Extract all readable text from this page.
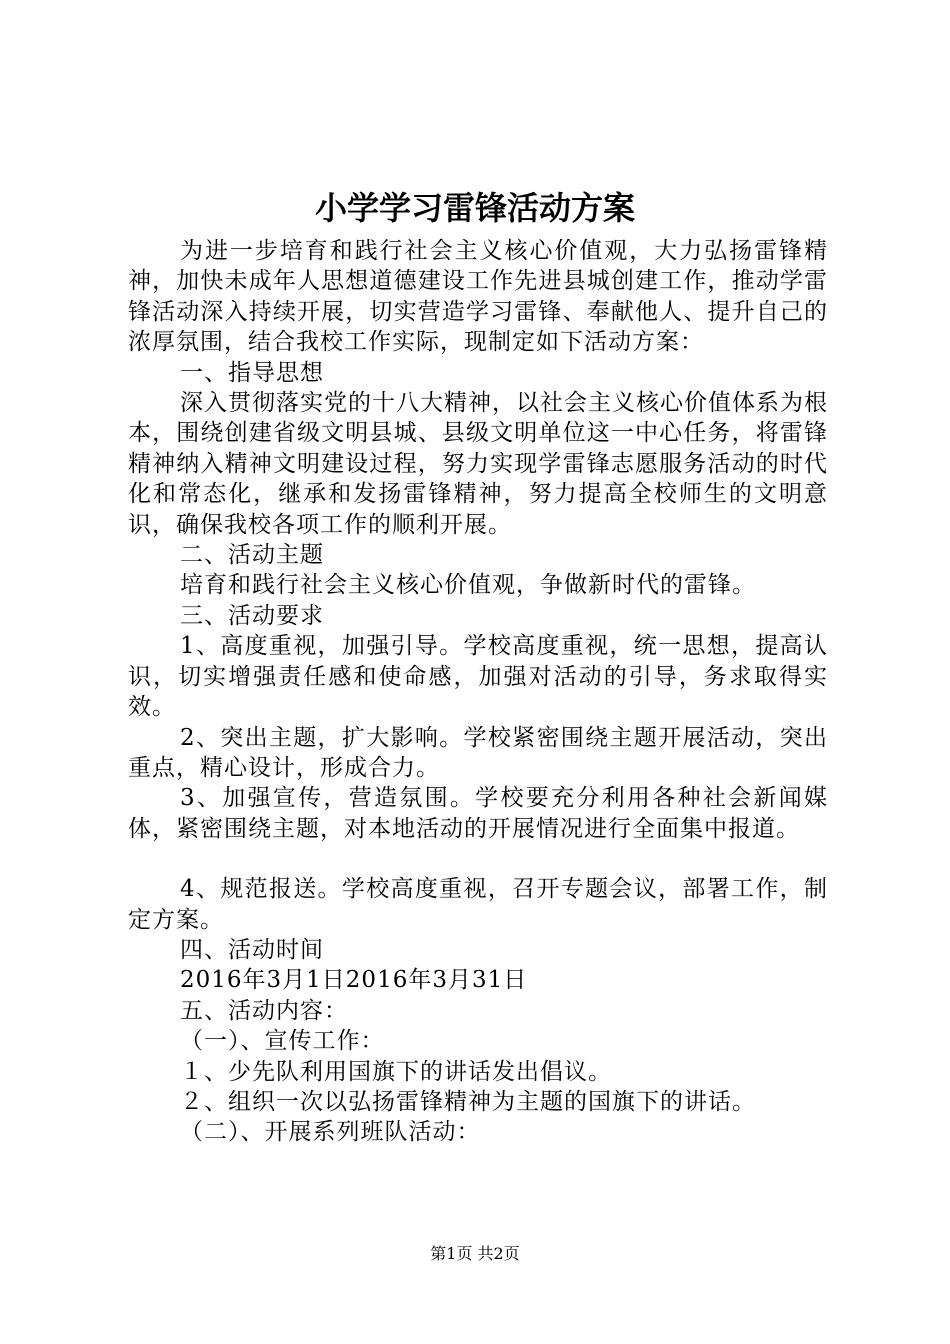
小学学习雷锋活动方案

为进一步培育和践行社会主义核心价值观，大力弘扬雷锋精神，加快未成年人思想道德建设工作先进县城创建工作，推动学雷锋活动深入持续开展，切实营造学习雷锋、奉献他人、提升自己的浓厚氛围，结合我校工作实际，现制定如下活动方案：

一、指导思想

深入贯彻落实党的十八大精神，以社会主义核心价值体系为根本，围绕创建省级文明县城、县级文明单位这一中心任务，将雷锋精神纳入精神文明建设过程，努力实现学雷锋志愿服务活动的时代化和常态化，继承和发扬雷锋精神，努力提高全校师生的文明意识，确保我校各项工作的顺利开展。

二、活动主题

培育和践行社会主义核心价值观，争做新时代的雷锋。

三、活动要求

1、高度重视，加强引导。学校高度重视，统一思想，提高认识，切实增强责任感和使命感，加强对活动的引导，务求取得实效。

2、突出主题，扩大影响。学校紧密围绕主题开展活动，突出重点，精心设计，形成合力。

3、加强宣传，营造氛围。学校要充分利用各种社会新闻媒体，紧密围绕主题，对本地活动的开展情况进行全面集中报道。

4、规范报送。学校高度重视，召开专题会议，部署工作，制定方案。

四、活动时间

2016年3月1日2016年3月31日

五、活动内容：

（一）、宣传工作：

１、少先队利用国旗下的讲话发出倡议。

２、组织一次以弘扬雷锋精神为主题的国旗下的讲话。

（二）、开展系列班队活动：

第1页 共2页
